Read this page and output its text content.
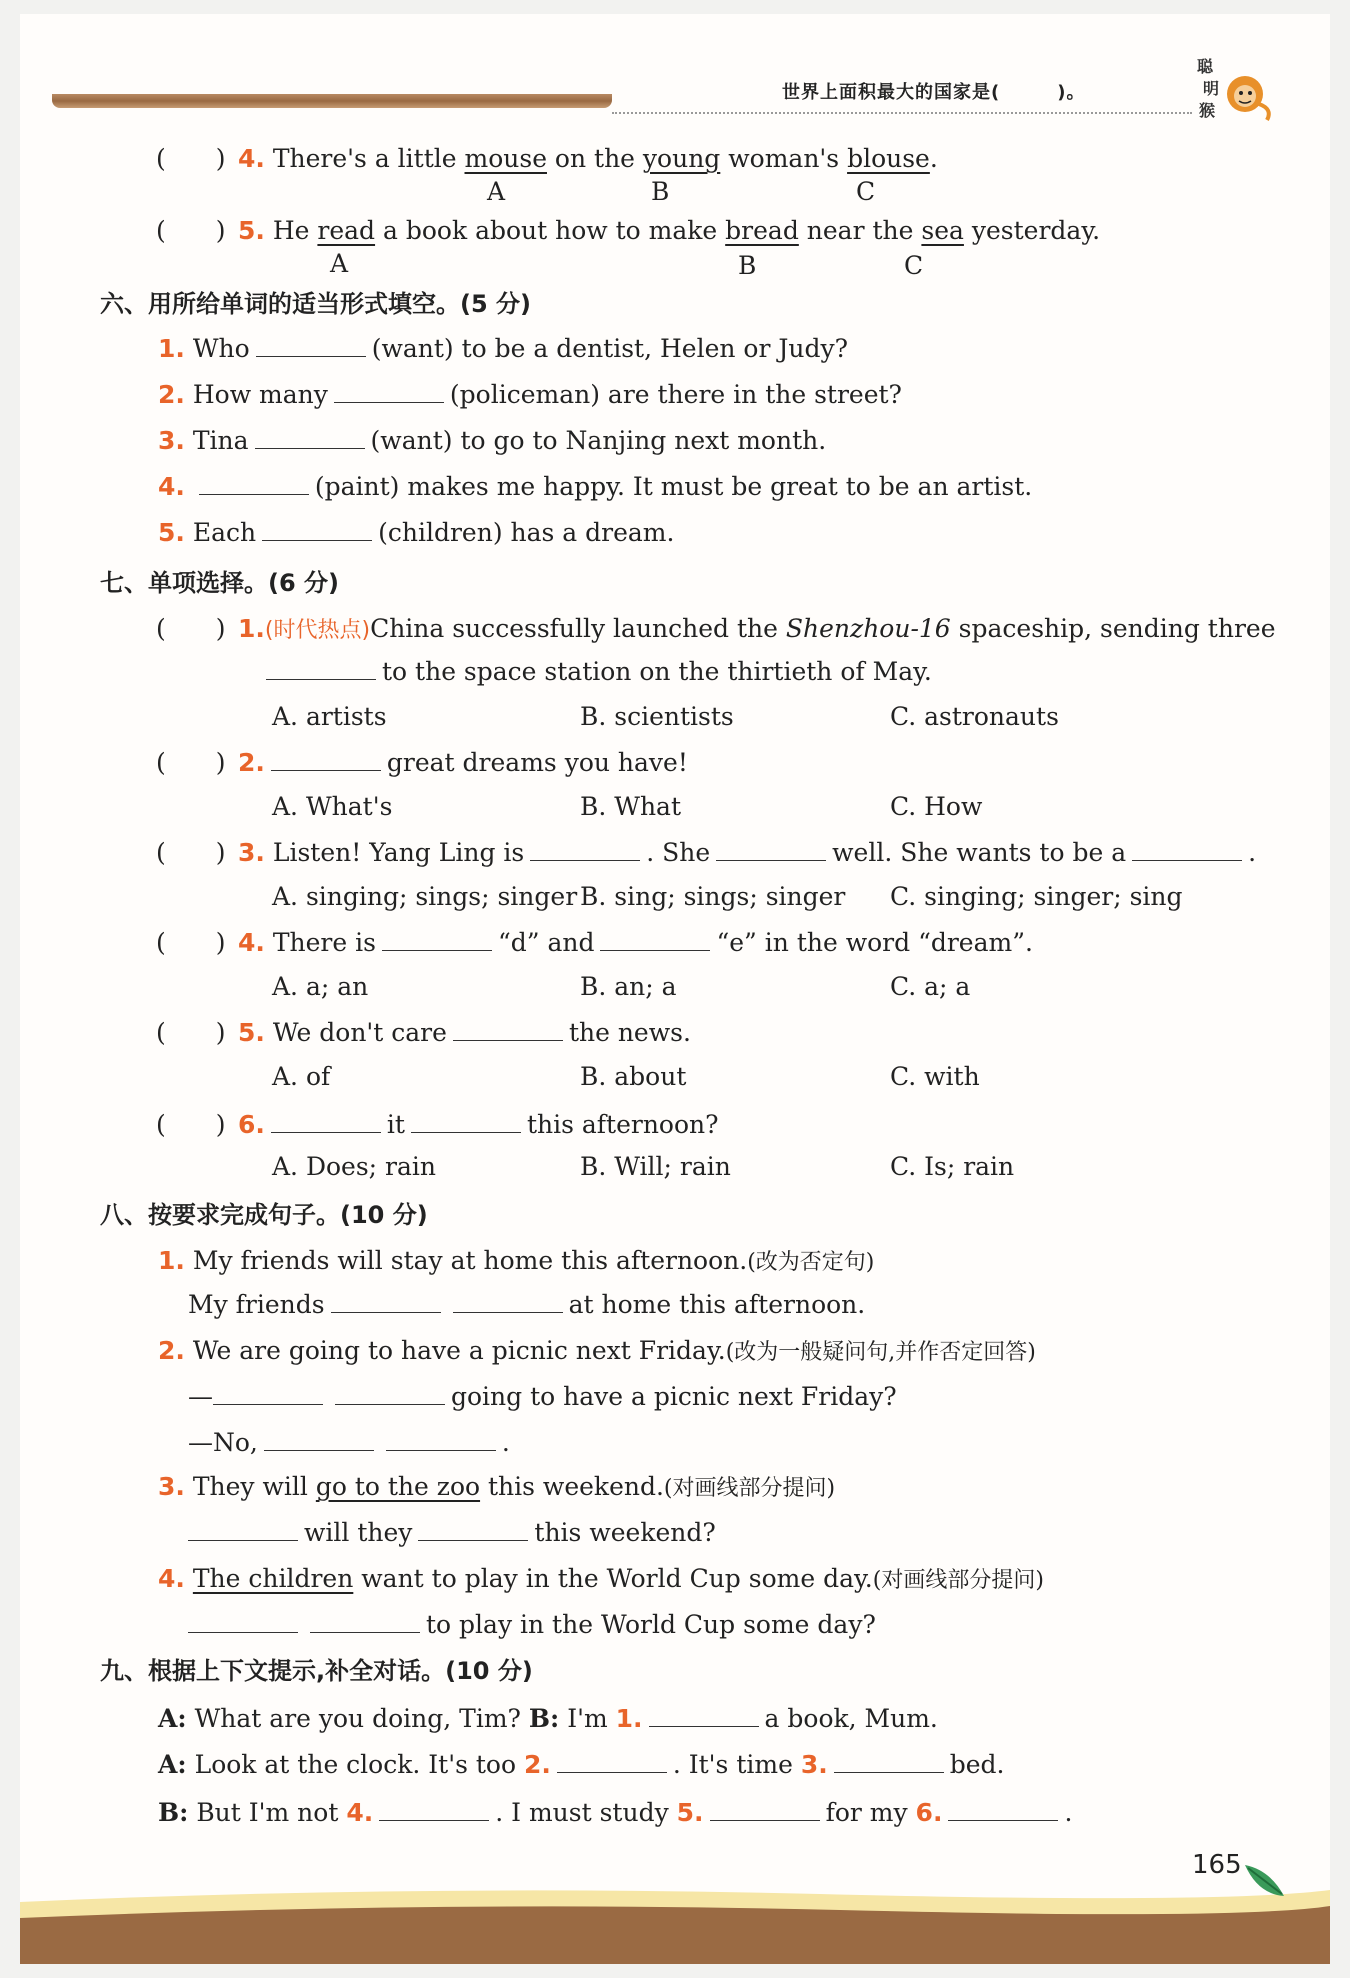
世界上面积最大的国家是(　　　)。
聪
明
猴
(　　) 4. There's a little mouse on the young woman's blouse.
A	B	C
(　　) 5. He read a book about how to make bread near the sea yesterday.
A	B	C
六、用所给单词的适当形式填空。(5 分)
1. Who	(want) to be a dentist, Helen or Judy?
2. How many	(policeman) are there in the street?
3. Tina	(want) to go to Nanjing next month.
4.	(paint) makes me happy. It must be great to be an artist.
5. Each	(children) has a dream.
七、单项选择。(6 分)
(　　) 1.(时代热点)China successfully launched the Shenzhou-16 spaceship, sending three
to the space station on the thirtieth of May.
A. artists	B. scientists	C. astronauts
(　　) 2.	great dreams you have!
A. What's	B. What	C. How
(　　) 3. Listen! Yang Ling is	. She	well. She wants to be a	.
A. singing; sings; singer B. sing; sings; singer C. singing; singer; sing
(　　) 4. There is	“d” and	“e” in the word “dream”.
A. a; an	B. an; a	C. a; a
(　　) 5. We don't care	the news.
A. of	B. about	C. with
(　　) 6.	it	this afternoon?
A. Does; rain	B. Will; rain	C. Is; rain
八、按要求完成句子。(10 分)
1. My friends will stay at home this afternoon.(改为否定句)
My friends	at home this afternoon.
2. We are going to have a picnic next Friday.(改为一般疑问句,并作否定回答)
—	going to have a picnic next Friday?
—No,	.
3. They will go to the zoo this weekend.(对画线部分提问)
will they	this weekend?
4. The children want to play in the World Cup some day.(对画线部分提问)
to play in the World Cup some day?
九、根据上下文提示,补全对话。(10 分)
A: What are you doing, Tim? B: I'm 1.	a book, Mum.
A: Look at the clock. It's too 2.	. It's time 3.	bed.
B: But I'm not 4.	. I must study 5.	for my 6.	.
165
